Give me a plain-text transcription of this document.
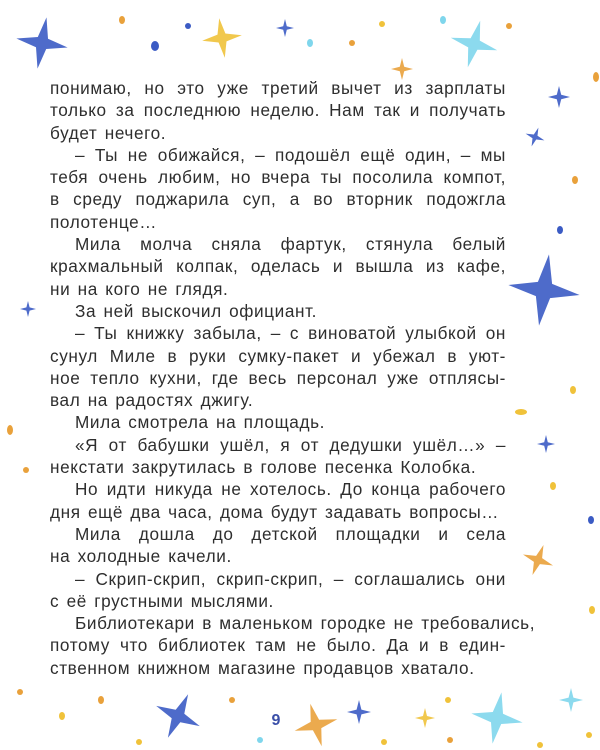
понимаю, но это уже третий вычет из зарплаты
только за последнюю неделю. Нам так и получать
будет нечего.
– Ты не обижайся, – подошёл ещё один, – мы
тебя очень любим, но вчера ты посолила компот,
в среду поджарила суп, а во вторник подожгла
полотенце…
Мила молча сняла фартук, стянула белый
крахмальный колпак, оделась и вышла из кафе,
ни на кого не глядя.
За ней выскочил официант.
– Ты книжку забыла, – с виноватой улыбкой он
сунул Миле в руки сумку-пакет и убежал в уют-
ное тепло кухни, где весь персонал уже отплясы-
вал на радостях джигу.
Мила смотрела на площадь.
«Я от бабушки ушёл, я от дедушки ушёл…» –
некстати закрутилась в голове песенка Колобка.
Но идти никуда не хотелось. До конца рабочего
дня ещё два часа, дома будут задавать вопросы…
Мила дошла до детской площадки и села
на холодные качели.
– Скрип-скрип, скрип-скрип, – соглашались они
с её грустными мыслями.
Библиотекари в маленьком городке не требовались,
потому что библиотек там не было. Да и в един-
ственном книжном магазине продавцов хватало.
9
